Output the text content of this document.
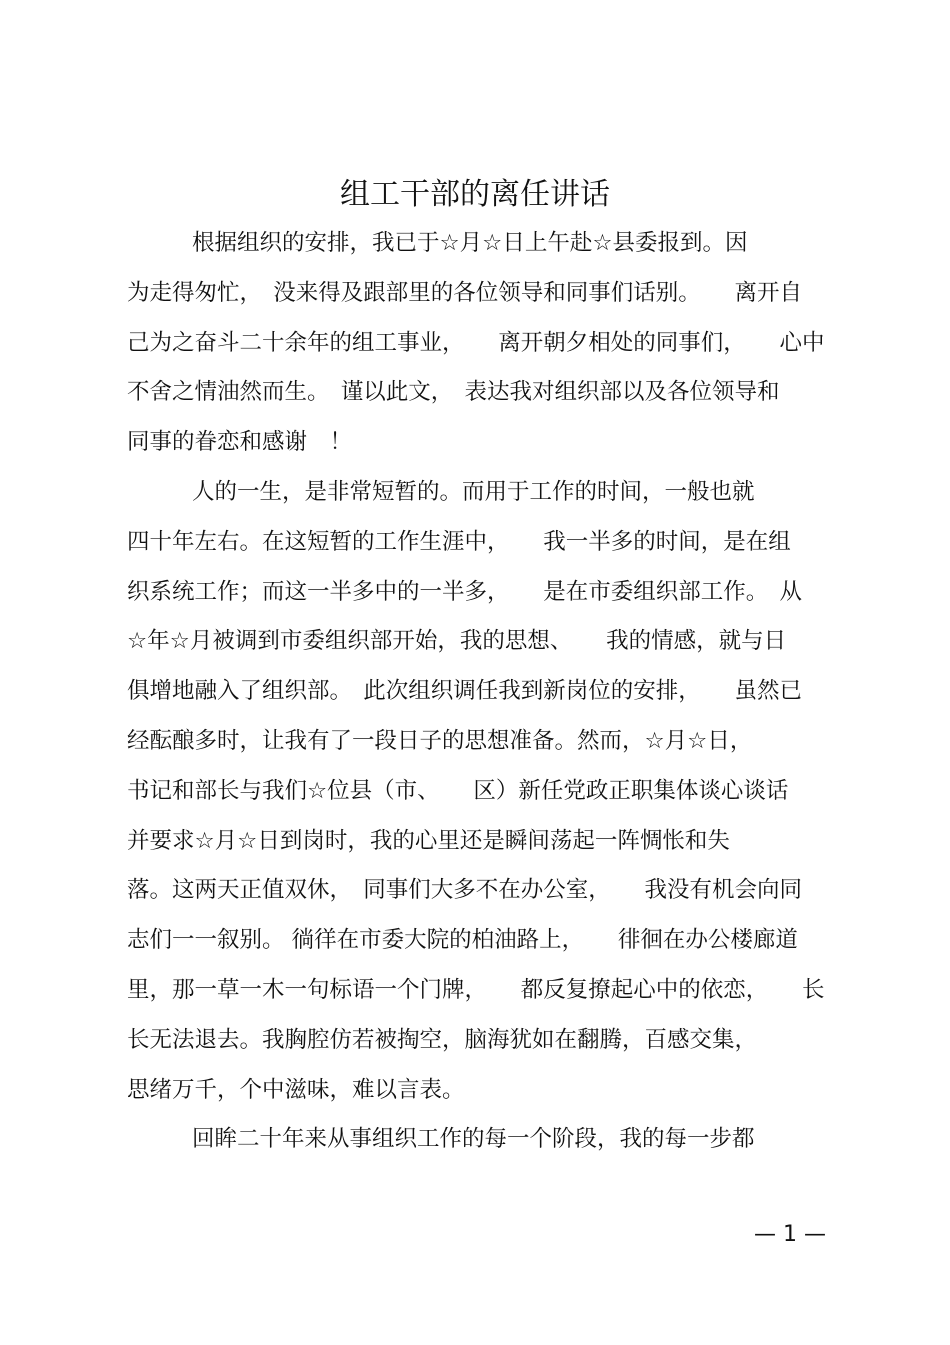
组工干部的离任讲话
根据组织的安排，我已于☆月☆日上午赴☆县委报到。因
为走得匆忙，　没来得及跟部里的各位领导和同事们话别。　　离开自
己为之奋斗二十余年的组工事业，　　离开朝夕相处的同事们，　　心中
不舍之情油然而生。　谨以此文，　表达我对组织部以及各位领导和
同事的眷恋和感谢　！
人的一生，是非常短暂的。而用于工作的时间，一般也就
四十年左右。在这短暂的工作生涯中，　　我一半多的时间，是在组
织系统工作；而这一半多中的一半多，　　是在市委组织部工作。　从
☆年☆月被调到市委组织部开始，我的思想、　　我的情感，就与日
俱增地融入了组织部。　此次组织调任我到新岗位的安排，　　虽然已
经酝酿多时，让我有了一段日子的思想准备。然而，☆月☆日，
书记和部长与我们☆位县（市、　　区）新任党政正职集体谈心谈话
并要求☆月☆日到岗时，我的心里还是瞬间荡起一阵惆怅和失
落。这两天正值双休，　同事们大多不在办公室，　　我没有机会向同
志们一一叙别。 徜徉在市委大院的柏油路上，　　徘徊在办公楼廊道
里，那一草一木一句标语一个门牌，　　都反复撩起心中的依恋，　　长
长无法退去。我胸腔仿若被掏空，脑海犹如在翻腾，百感交集，
思绪万千，个中滋味，难以言表。
回眸二十年来从事组织工作的每一个阶段，我的每一步都
— 1 —
